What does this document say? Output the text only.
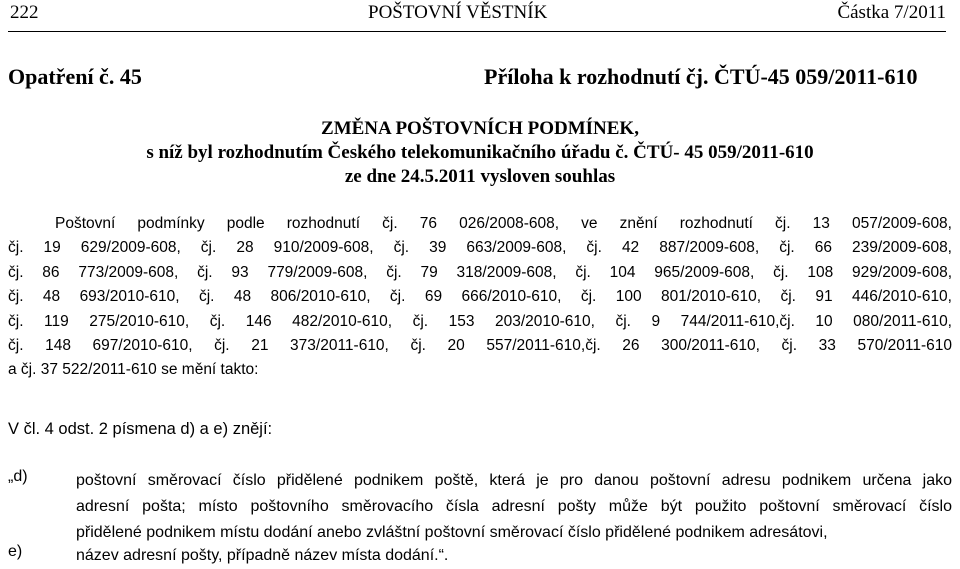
222	POŠTOVNÍ VĚSTNÍK	Částka 7/2011
Opatření č. 45	Příloha k rozhodnutí čj. ČTÚ-45 059/2011-610
ZMĚNA POŠTOVNÍCH PODMÍNEK,
s níž byl rozhodnutím Českého telekomunikačního úřadu č. ČTÚ- 45 059/2011-610
ze dne 24.5.2011 vysloven souhlas
Poštovní podmínky podle rozhodnutí čj. 76 026/2008-608, ve znění rozhodnutí čj. 13 057/2009-608,
čj. 19 629/2009-608, čj. 28 910/2009-608, čj. 39 663/2009-608, čj. 42 887/2009-608, čj. 66 239/2009-608,
čj. 86 773/2009-608, čj. 93 779/2009-608, čj. 79 318/2009-608, čj. 104 965/2009-608, čj. 108 929/2009-608,
čj. 48 693/2010-610, čj. 48 806/2010-610, čj. 69 666/2010-610, čj. 100 801/2010-610, čj. 91 446/2010-610,
čj. 119 275/2010-610, čj. 146 482/2010-610, čj. 153 203/2010-610, čj. 9 744/2011-610,čj. 10 080/2011-610,
čj. 148 697/2010-610, čj. 21 373/2011-610, čj. 20 557/2011-610,čj. 26 300/2011-610, čj. 33 570/2011-610
a čj. 37 522/2011-610 se mění takto:
V čl. 4 odst. 2 písmena d) a e) znějí:
„d)	poštovní směrovací číslo přidělené podnikem poště, která je pro danou poštovní adresu podnikem určena jako
adresní pošta; místo poštovního směrovacího čísla adresní pošty může být použito poštovní směrovací číslo
přidělené podnikem místu dodání anebo zvláštní poštovní směrovací číslo přidělené podnikem adresátovi,
e)	název adresní pošty, případně název místa dodání.“.
